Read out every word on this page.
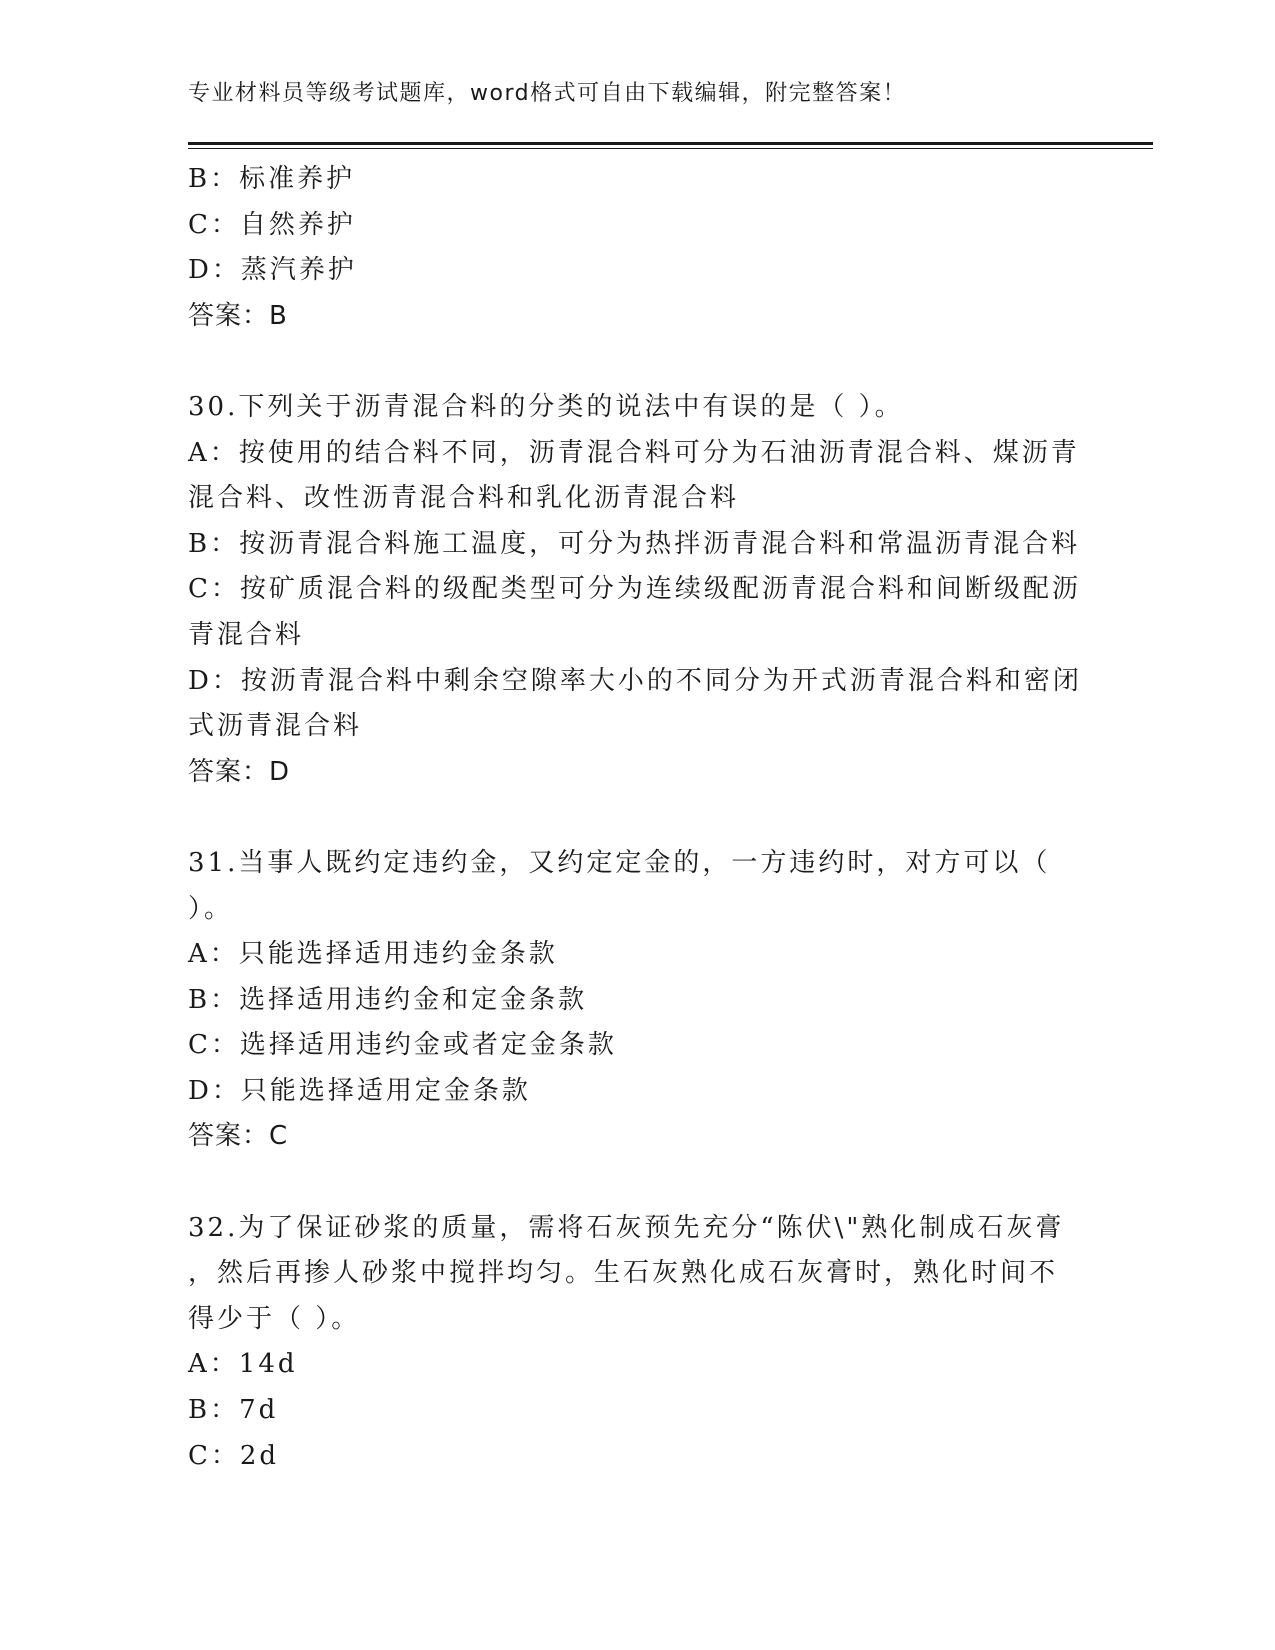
专业材料员等级考试题库，word格式可自由下载编辑，附完整答案！
B：标准养护
C：自然养护
D：蒸汽养护
答案：B
30.下列关于沥青混合料的分类的说法中有误的是（ ）。
A：按使用的结合料不同，沥青混合料可分为石油沥青混合料、煤沥青
混合料、改性沥青混合料和乳化沥青混合料
B：按沥青混合料施工温度，可分为热拌沥青混合料和常温沥青混合料
C：按矿质混合料的级配类型可分为连续级配沥青混合料和间断级配沥
青混合料
D：按沥青混合料中剩余空隙率大小的不同分为开式沥青混合料和密闭
式沥青混合料
答案：D
31.当事人既约定违约金，又约定定金的，一方违约时，对方可以（
）。
A：只能选择适用违约金条款
B：选择适用违约金和定金条款
C：选择适用违约金或者定金条款
D：只能选择适用定金条款
答案：C
32.为了保证砂浆的质量，需将石灰预先充分“陈伏\"熟化制成石灰膏
，然后再掺人砂浆中搅拌均匀。生石灰熟化成石灰膏时，熟化时间不
得少于（ ）。
A：14d
B：7d
C：2d
